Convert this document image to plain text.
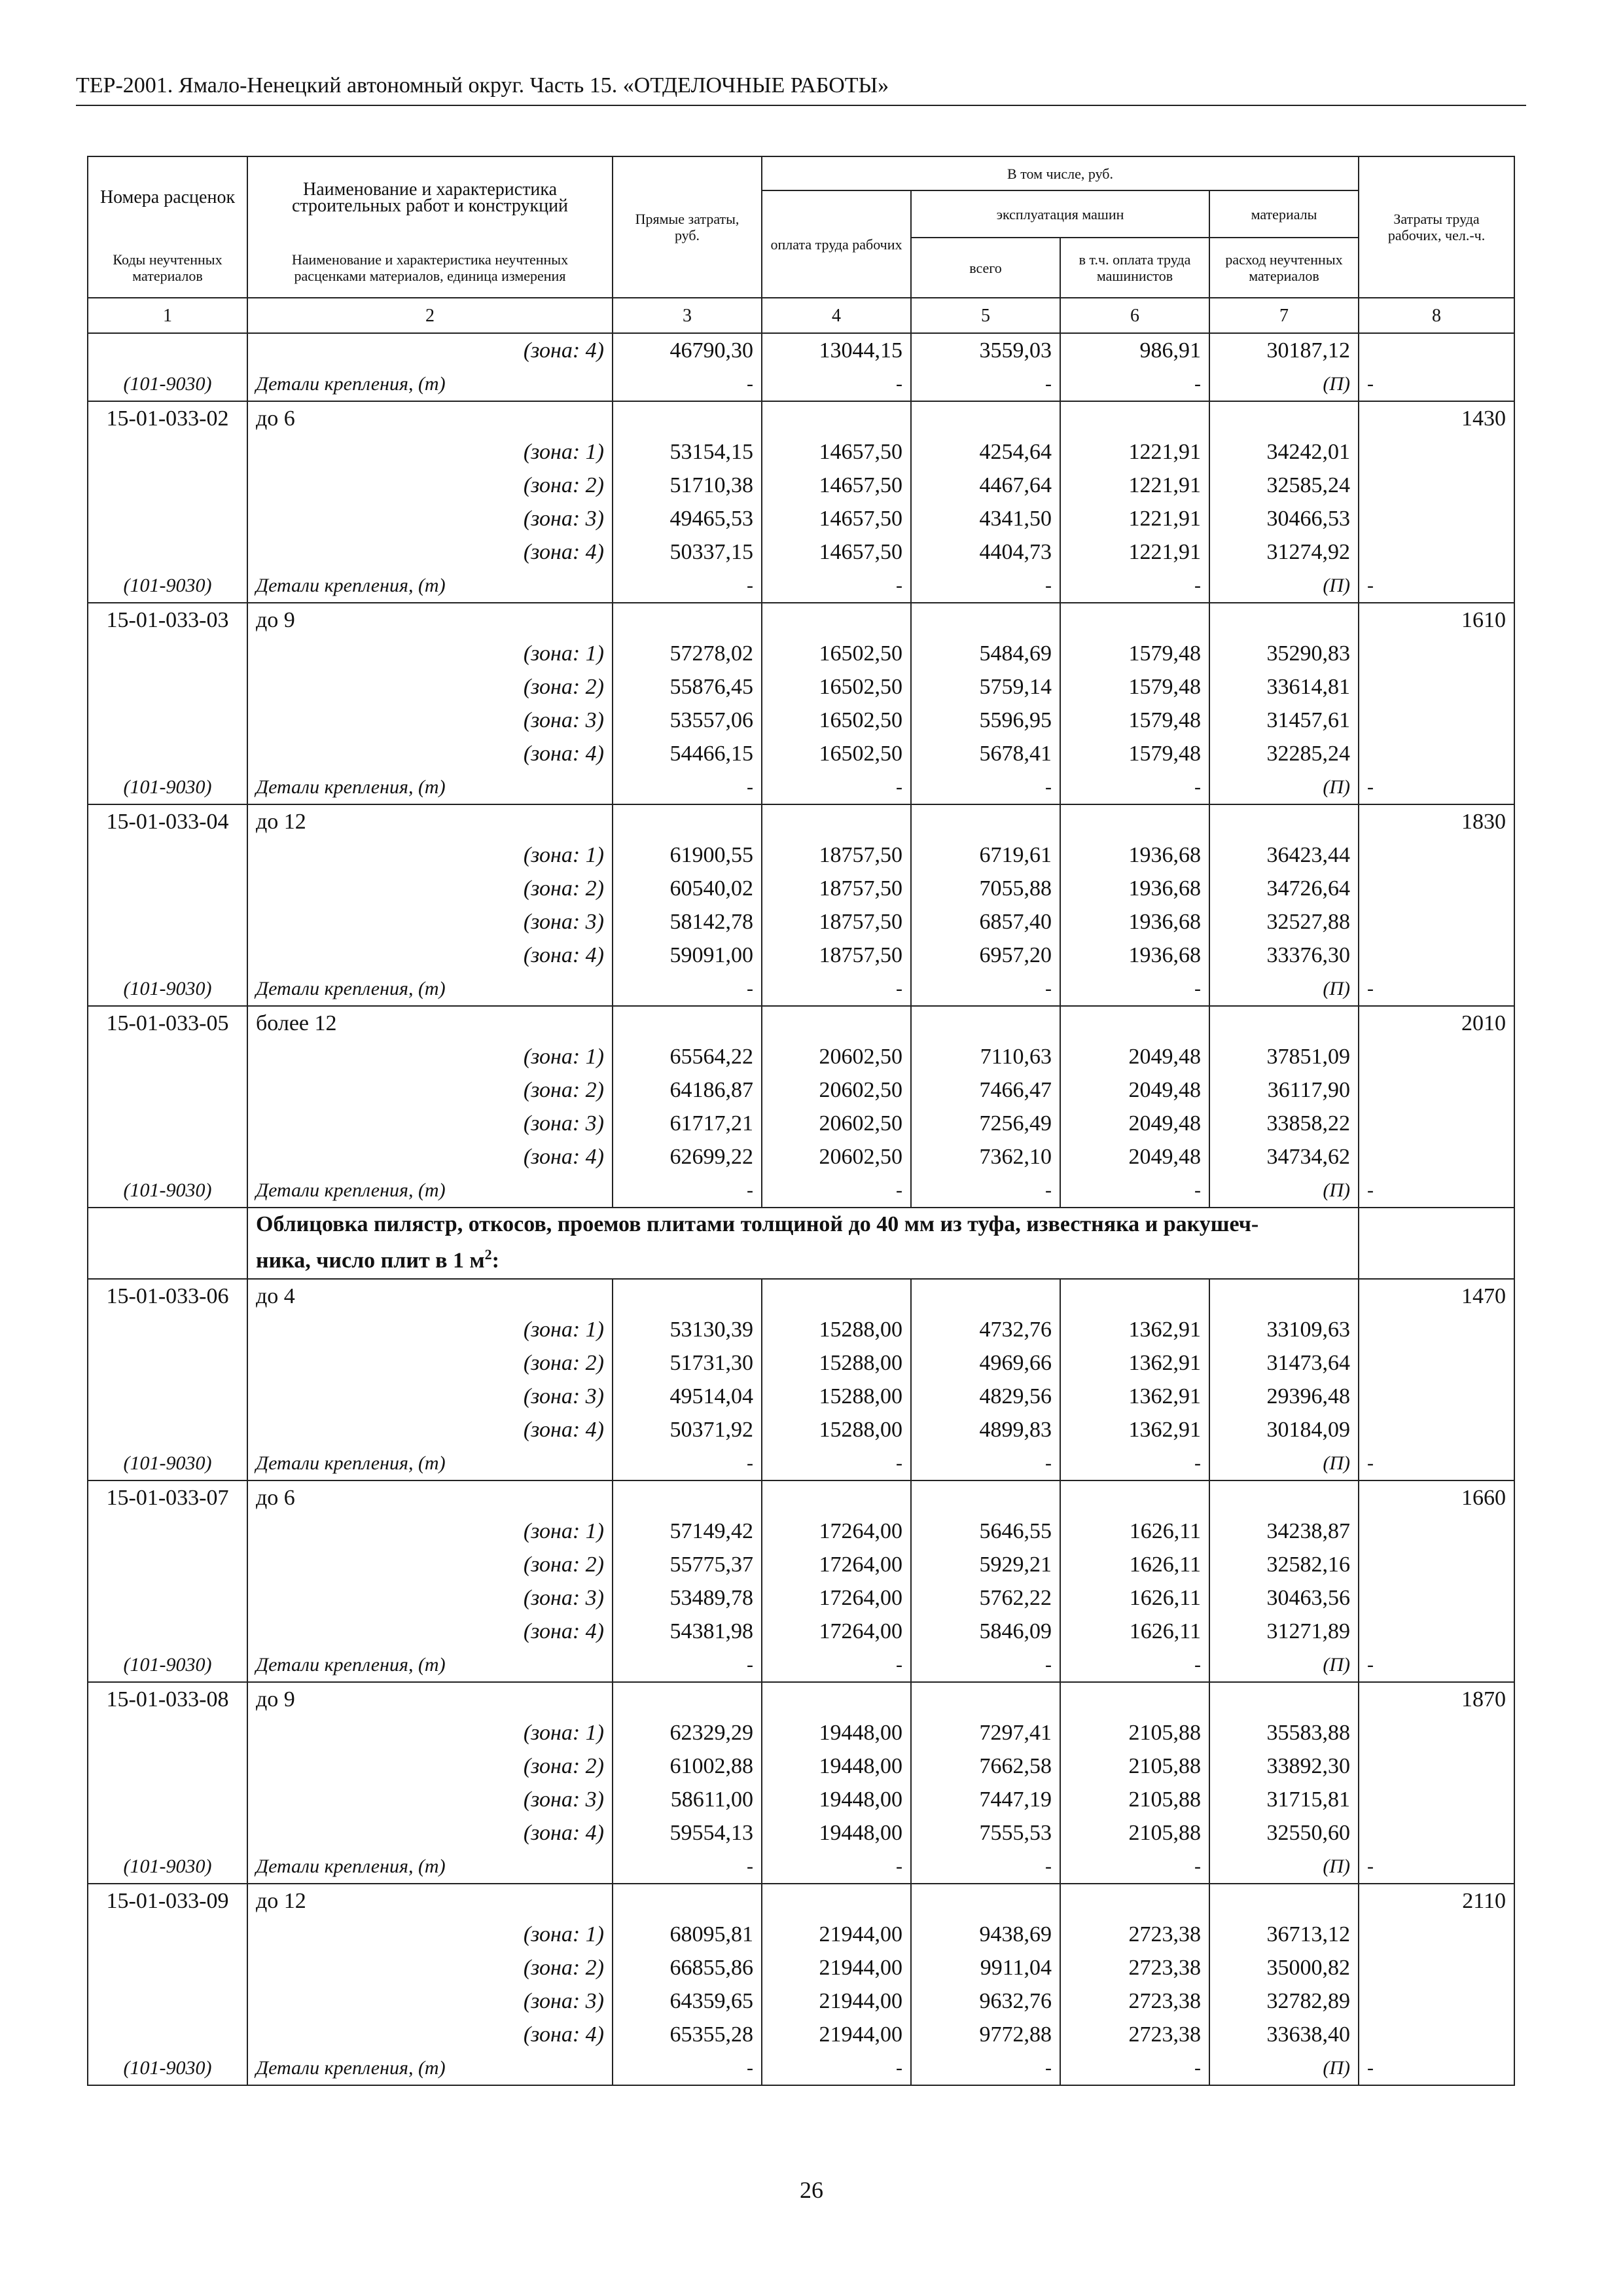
ТЕР-2001. Ямало-Ненецкий автономный округ. Часть 15. «ОТДЕЛОЧНЫЕ РАБОТЫ»
Номера расценок	Наименование и характеристика строительных работ и конструкций	Прямые затраты, руб.	В том числе, руб.				Затраты труда рабочих, чел.-ч.
			оплата труда рабочих	эксплуатация машин		материалы	
Коды неучтенных материалов	Наименование и характеристика неучтенных расценками материалов, единица измерения			всего	в т.ч. оплата труда машинистов	расход неучтенных материалов	

1	2	3	4	5	6	7	8
	(зона: 4)	46790,30	13044,15	3559,03	986,91	30187,12	
(101-9030)	Детали крепления, (т)	-	-	-	-	(П)	-
15-01-033-02	до 6						1430
	(зона: 1)	53154,15	14657,50	4254,64	1221,91	34242,01	
	(зона: 2)	51710,38	14657,50	4467,64	1221,91	32585,24	
	(зона: 3)	49465,53	14657,50	4341,50	1221,91	30466,53	
	(зона: 4)	50337,15	14657,50	4404,73	1221,91	31274,92	
(101-9030)	Детали крепления, (т)	-	-	-	-	(П)	-
15-01-033-03	до 9						1610
	(зона: 1)	57278,02	16502,50	5484,69	1579,48	35290,83	
	(зона: 2)	55876,45	16502,50	5759,14	1579,48	33614,81	
	(зона: 3)	53557,06	16502,50	5596,95	1579,48	31457,61	
	(зона: 4)	54466,15	16502,50	5678,41	1579,48	32285,24	
(101-9030)	Детали крепления, (т)	-	-	-	-	(П)	-
15-01-033-04	до 12						1830
	(зона: 1)	61900,55	18757,50	6719,61	1936,68	36423,44	
	(зона: 2)	60540,02	18757,50	7055,88	1936,68	34726,64	
	(зона: 3)	58142,78	18757,50	6857,40	1936,68	32527,88	
	(зона: 4)	59091,00	18757,50	6957,20	1936,68	33376,30	
(101-9030)	Детали крепления, (т)	-	-	-	-	(П)	-
15-01-033-05	более 12						2010
	(зона: 1)	65564,22	20602,50	7110,63	2049,48	37851,09	
	(зона: 2)	64186,87	20602,50	7466,47	2049,48	36117,90	
	(зона: 3)	61717,21	20602,50	7256,49	2049,48	33858,22	
	(зона: 4)	62699,22	20602,50	7362,10	2049,48	34734,62	
(101-9030)	Детали крепления, (т)	-	-	-	-	(П)	-
	Облицовка пилястр, откосов, проемов плитами толщиной до 40 мм из туфа, известняка и ракушеч-
ника, число плит в 1 $м^2$:						
15-01-033-06	до 4						1470
	(зона: 1)	53130,39	15288,00	4732,76	1362,91	33109,63	
	(зона: 2)	51731,30	15288,00	4969,66	1362,91	31473,64	
	(зона: 3)	49514,04	15288,00	4829,56	1362,91	29396,48	
	(зона: 4)	50371,92	15288,00	4899,83	1362,91	30184,09	
(101-9030)	Детали крепления, (т)	-	-	-	-	(П)	-
15-01-033-07	до 6						1660
	(зона: 1)	57149,42	17264,00	5646,55	1626,11	34238,87	
	(зона: 2)	55775,37	17264,00	5929,21	1626,11	32582,16	
	(зона: 3)	53489,78	17264,00	5762,22	1626,11	30463,56	
	(зона: 4)	54381,98	17264,00	5846,09	1626,11	31271,89	
(101-9030)	Детали крепления, (т)	-	-	-	-	(П)	-
15-01-033-08	до 9						1870
	(зона: 1)	62329,29	19448,00	7297,41	2105,88	35583,88	
	(зона: 2)	61002,88	19448,00	7662,58	2105,88	33892,30	
	(зона: 3)	58611,00	19448,00	7447,19	2105,88	31715,81	
	(зона: 4)	59554,13	19448,00	7555,53	2105,88	32550,60	
(101-9030)	Детали крепления, (т)	-	-	-	-	(П)	-
15-01-033-09	до 12						2110
	(зона: 1)	68095,81	21944,00	9438,69	2723,38	36713,12	
	(зона: 2)	66855,86	21944,00	9911,04	2723,38	35000,82	
	(зона: 3)	64359,65	21944,00	9632,76	2723,38	32782,89	
	(зона: 4)	65355,28	21944,00	9772,88	2723,38	33638,40	
(101-9030)	Детали крепления, (т)	-	-	-	-	(П)	-
26
